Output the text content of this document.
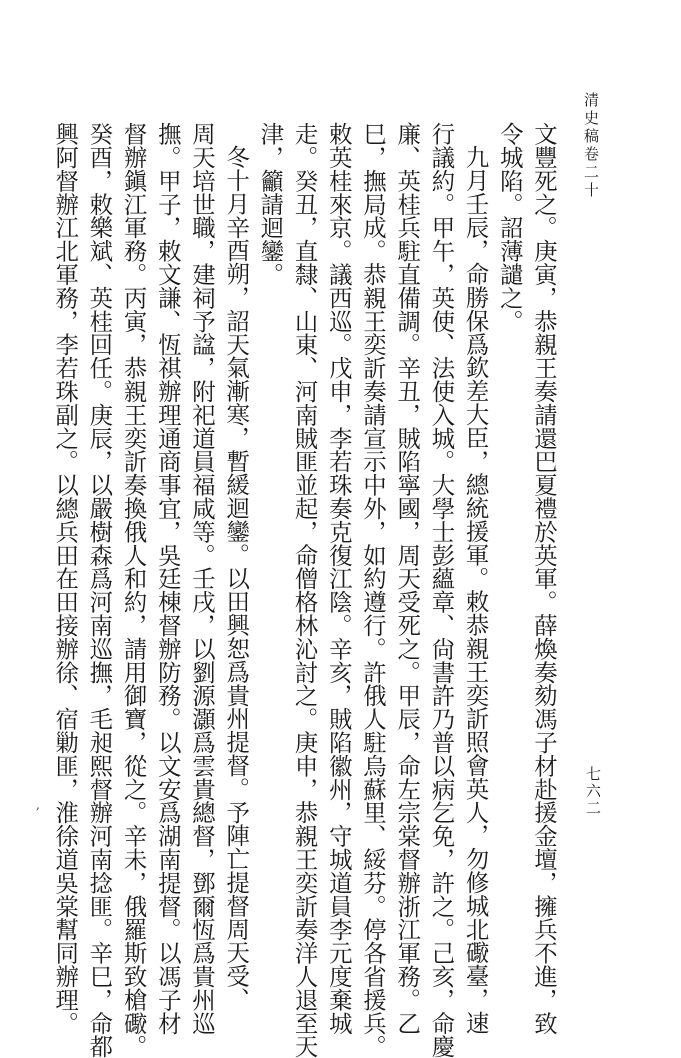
清史稿卷二十
七六二
文豐死之。庚寅，恭親王奏請還巴夏禮於英軍。薛煥奏劾馮子材赴援金壇，擁兵不進，致
令城陷。詔薄譴之。
九月壬辰，命勝保爲欽差大臣，總統援軍。敕恭親王奕訢照會英人，勿修城北礮臺，速
行議約。甲午，英使、法使入城。大學士彭蘊章、尙書許乃普以病乞免，許之。己亥，命慶
廉、英桂兵駐直備調。辛丑，賊陷寧國，周天受死之。甲辰，命左宗棠督辦浙江軍務。乙
巳，撫局成。恭親王奕訢奏請宣示中外，如約遵行。許俄人駐烏蘇里、綏芬。停各省援兵。
敕英桂來京。議西巡。戊申，李若珠奏克復江陰。辛亥，賊陷徽州，守城道員李元度棄城
走。癸丑，直隸、山東、河南賊匪並起，命僧格林沁討之。庚申，恭親王奕訢奏洋人退至天
津，籲請迴鑾。
冬十月辛酉朔，詔天氣漸寒，暫緩迴鑾。以田興恕爲貴州提督。予陣亡提督周天受、
周天培世職，建祠予諡，附祀道員福咸等。壬戌，以劉源灝爲雲貴總督，鄧爾恆爲貴州巡
撫。甲子，敕文謙、恆祺辦理通商事宜，吳廷棟督辦防務。以文安爲湖南提督。以馮子材
督辦鎭江軍務。丙寅，恭親王奕訢奏換俄人和約，請用御寶，從之。辛未，俄羅斯致槍礮。
癸酉，敕樂斌、英桂回任。庚辰，以嚴樹森爲河南巡撫，毛昶熙督辦河南捻匪。辛巳，命都
興阿督辦江北軍務，李若珠副之。以總兵田在田接辦徐、宿勦匪，淮徐道吳棠幫同辦理。
,
